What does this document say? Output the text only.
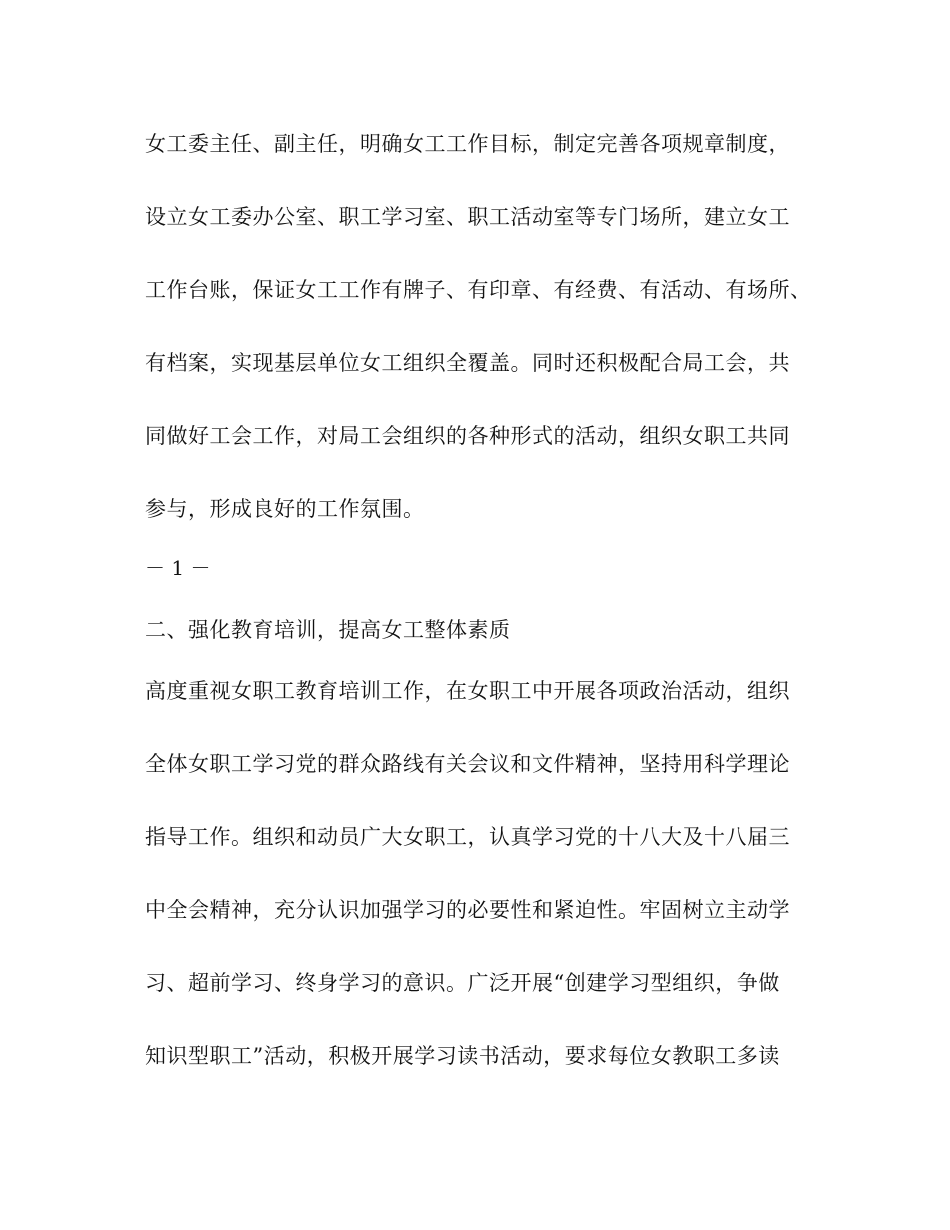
女工委主任、副主任，明确女工工作目标，制定完善各项规章制度，
设立女工委办公室、职工学习室、职工活动室等专门场所，建立女工
工作台账，保证女工工作有牌子、有印章、有经费、有活动、有场所、
有档案，实现基层单位女工组织全覆盖。同时还积极配合局工会，共
同做好工会工作，对局工会组织的各种形式的活动，组织女职工共同
参与，形成良好的工作氛围。
－ 1 －
二、强化教育培训，提高女工整体素质
高度重视女职工教育培训工作，在女职工中开展各项政治活动，组织
全体女职工学习党的群众路线有关会议和文件精神，坚持用科学理论
指导工作。组织和动员广大女职工，认真学习党的十八大及十八届三
中全会精神，充分认识加强学习的必要性和紧迫性。牢固树立主动学
习、超前学习、终身学习的意识。广泛开展“创建学习型组织，争做
知识型职工”活动，积极开展学习读书活动，要求每位女教职工多读
